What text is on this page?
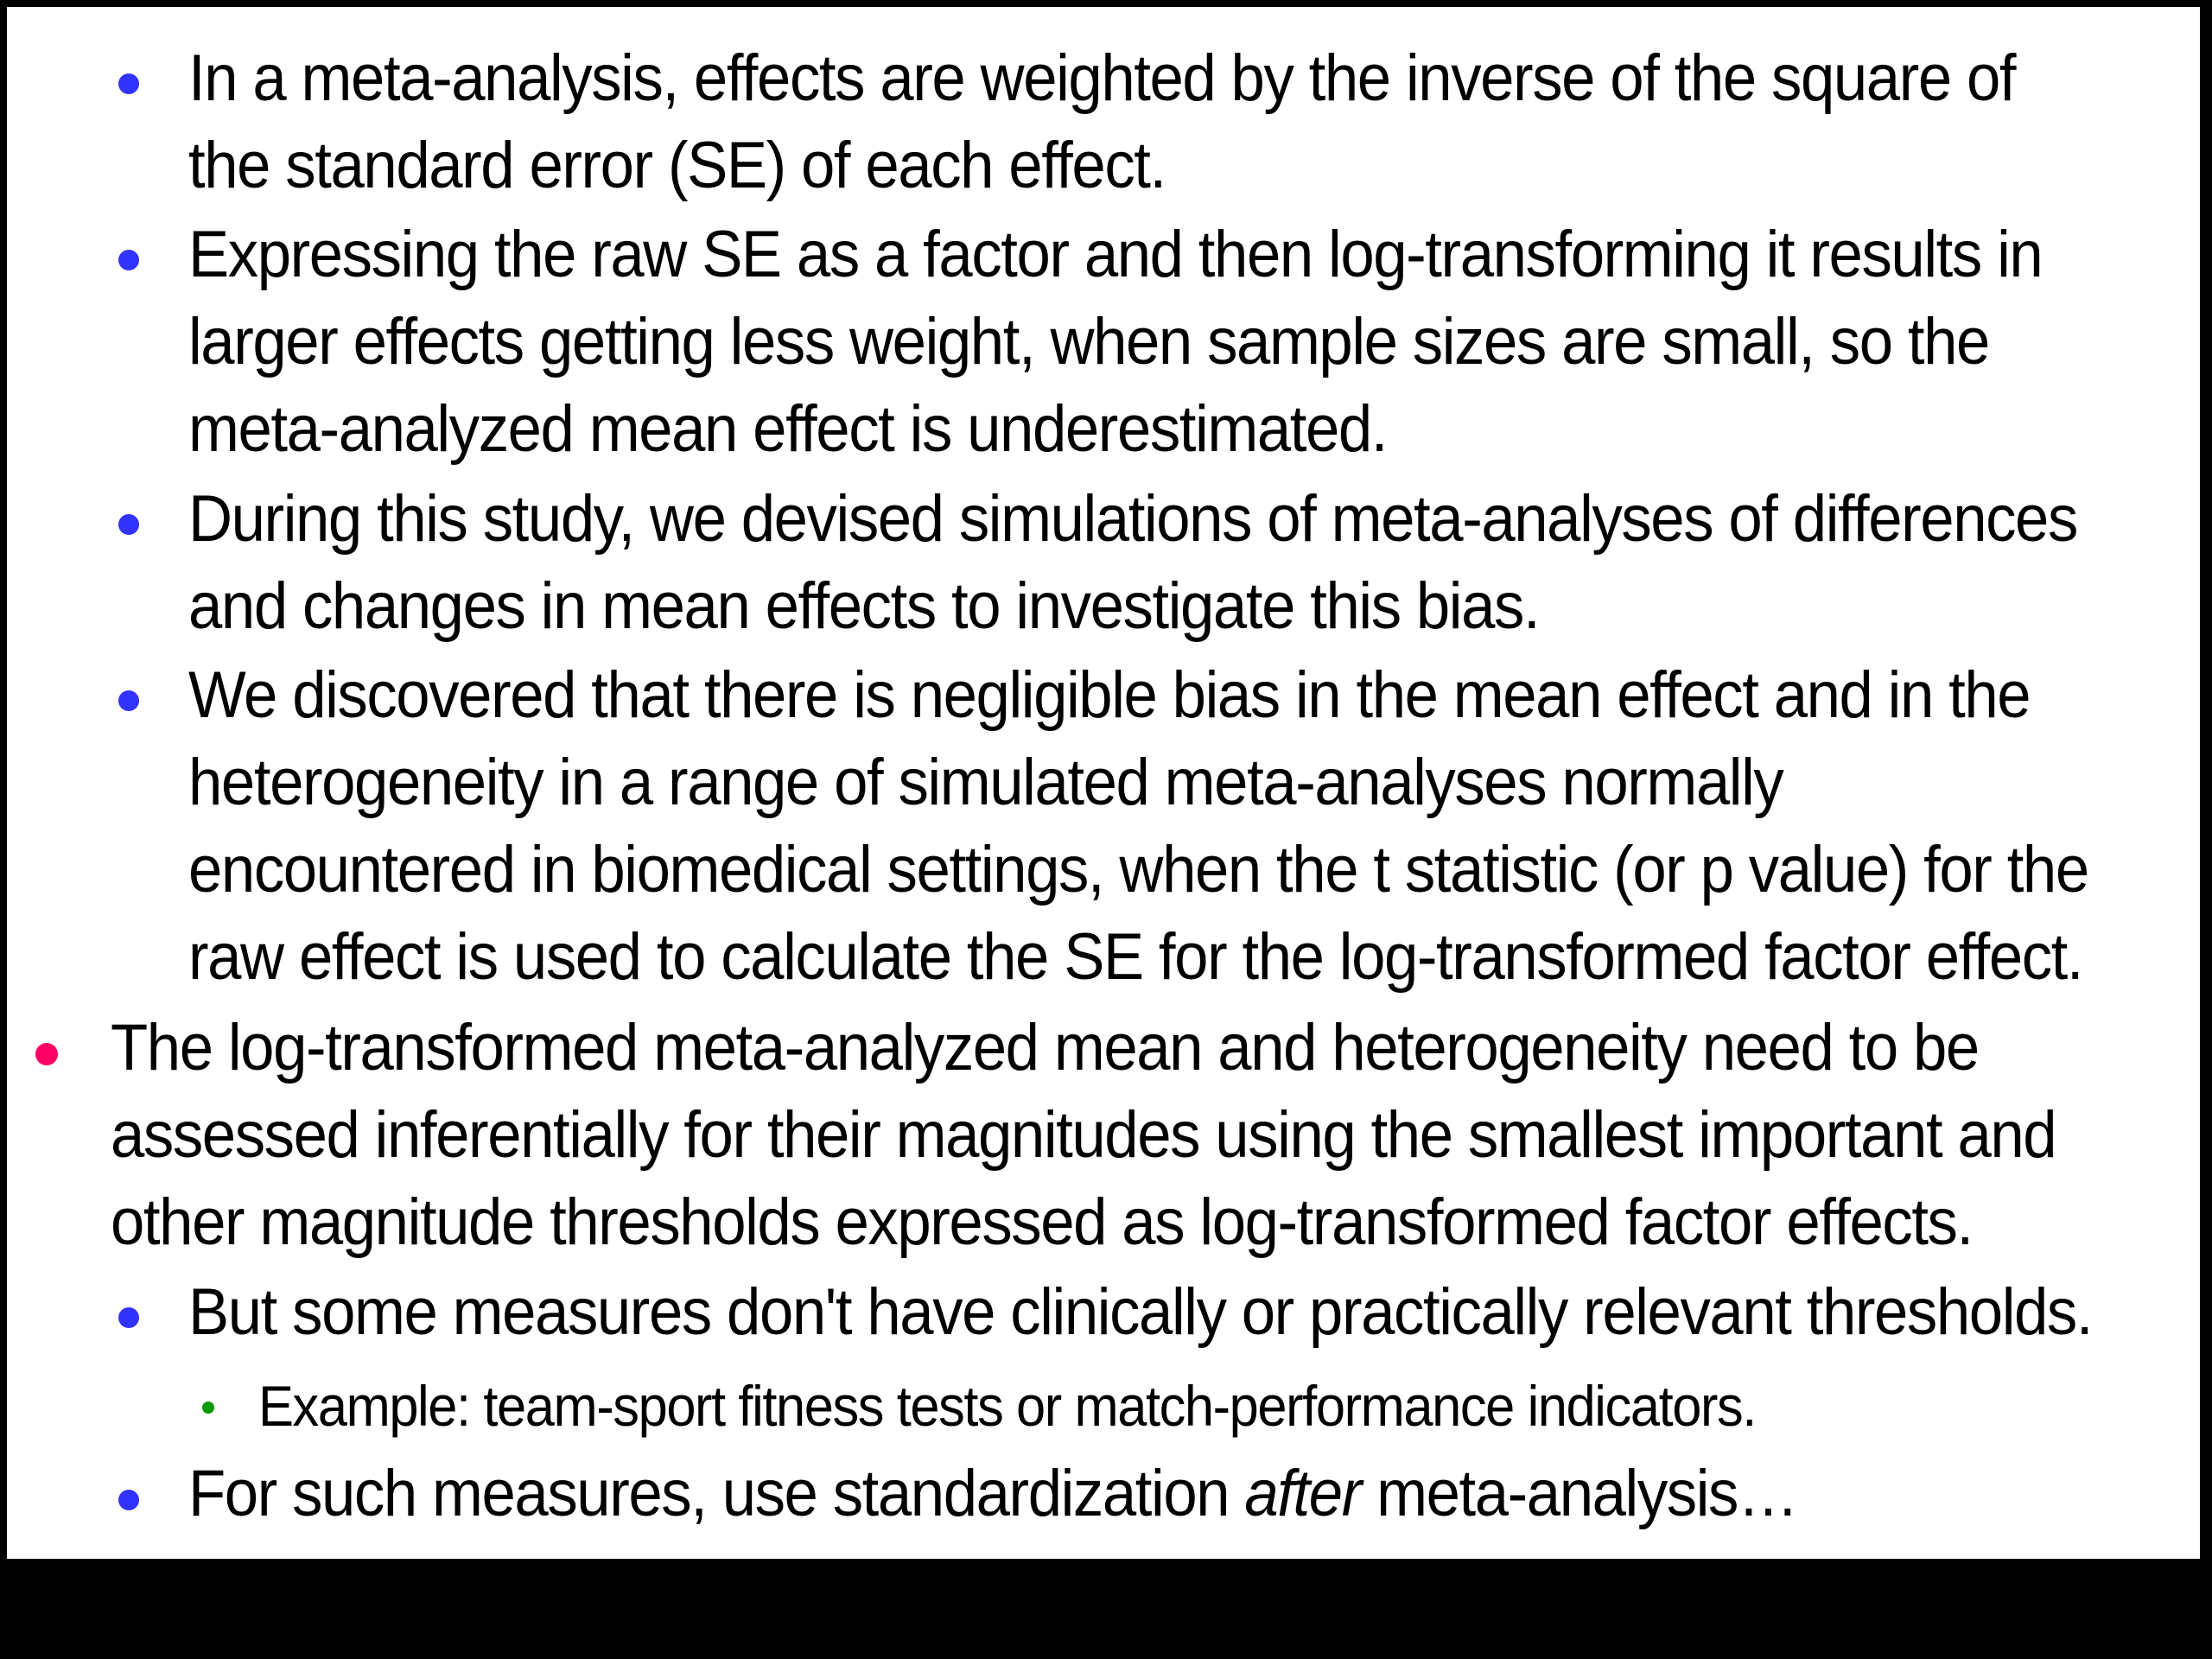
In a meta-analysis, effects are weighted by the inverse of the square of
the standard error (SE) of each effect.
Expressing the raw SE as a factor and then log-transforming it results in
larger effects getting less weight, when sample sizes are small, so the
meta-analyzed mean effect is underestimated.
During this study, we devised simulations of meta-analyses of differences
and changes in mean effects to investigate this bias.
We discovered that there is negligible bias in the mean effect and in the
heterogeneity in a range of simulated meta-analyses normally
encountered in biomedical settings, when the t statistic (or p value) for the
raw effect is used to calculate the SE for the log-transformed factor effect.
The log-transformed meta-analyzed mean and heterogeneity need to be
assessed inferentially for their magnitudes using the smallest important and
other magnitude thresholds expressed as log-transformed factor effects.
But some measures don't have clinically or practically relevant thresholds.
Example: team-sport fitness tests or match-performance indicators.
For such measures, use standardization after meta-analysis…
